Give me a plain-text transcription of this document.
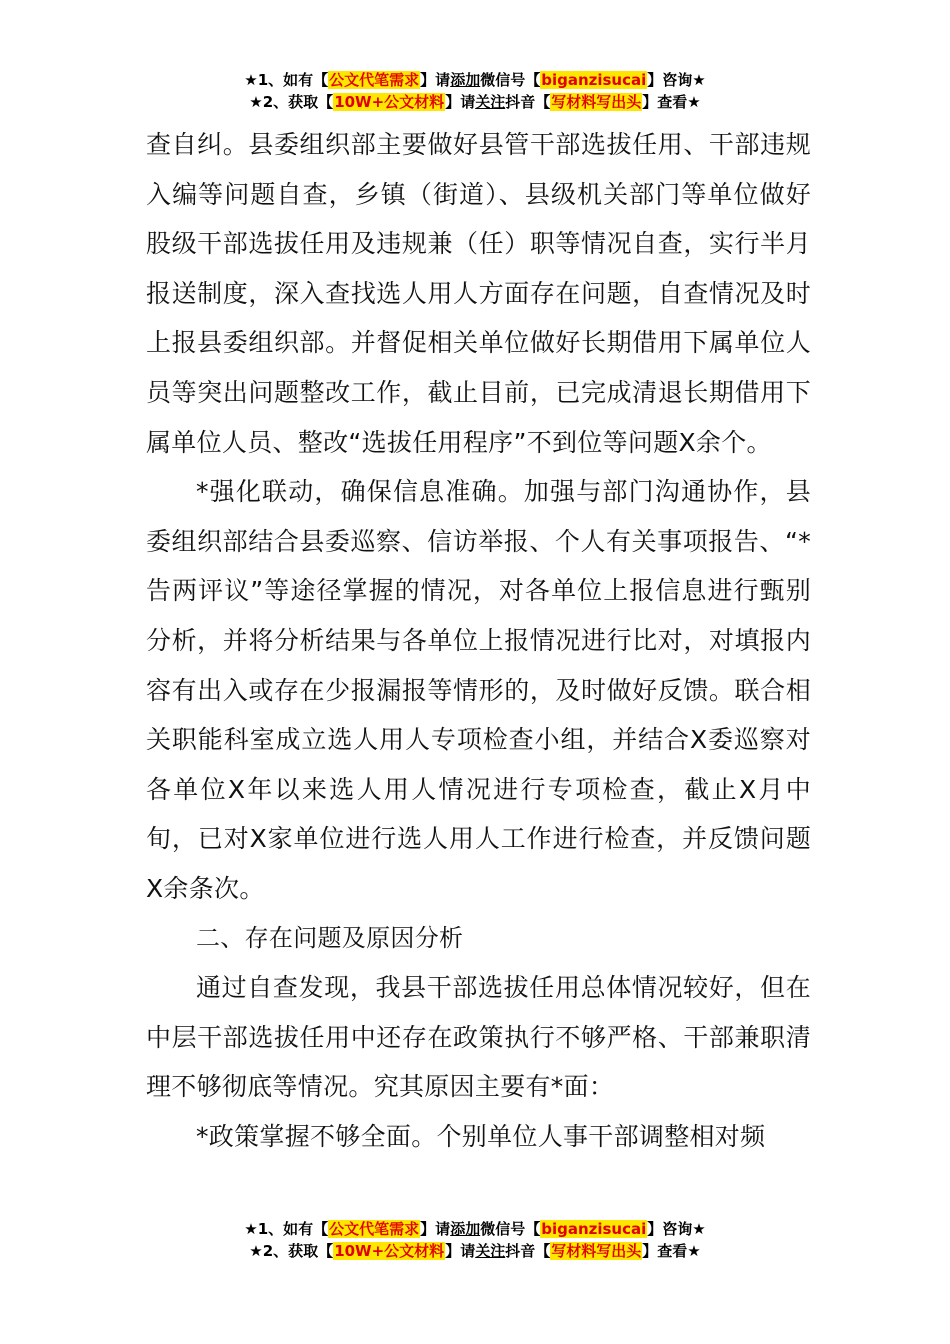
★1、如有【公文代笔需求】请添加微信号【biganzisucai】咨询★
★2、获取【10W+公文材料】请关注抖音【写材料写出头】查看★

查自纠。县委组织部主要做好县管干部选拔任用、干部违规入编等问题自查，乡镇（街道）、县级机关部门等单位做好股级干部选拔任用及违规兼（任）职等情况自查，实行半月报送制度，深入查找选人用人方面存在问题，自查情况及时上报县委组织部。并督促相关单位做好长期借用下属单位人员等突出问题整改工作，截止目前，已完成清退长期借用下属单位人员、整改“选拔任用程序”不到位等问题X余个。

*强化联动，确保信息准确。加强与部门沟通协作，县委组织部结合县委巡察、信访举报、个人有关事项报告、“*告两评议”等途径掌握的情况，对各单位上报信息进行甄别分析，并将分析结果与各单位上报情况进行比对，对填报内容有出入或存在少报漏报等情形的，及时做好反馈。联合相关职能科室成立选人用人专项检查小组，并结合X委巡察对各单位X年以来选人用人情况进行专项检查，截止X月中旬，已对X家单位进行选人用人工作进行检查，并反馈问题X余条次。

二、存在问题及原因分析

通过自查发现，我县干部选拔任用总体情况较好，但在中层干部选拔任用中还存在政策执行不够严格、干部兼职清理不够彻底等情况。究其原因主要有*面：

*政策掌握不够全面。个别单位人事干部调整相对频

★1、如有【公文代笔需求】请添加微信号【biganzisucai】咨询★
★2、获取【10W+公文材料】请关注抖音【写材料写出头】查看★
